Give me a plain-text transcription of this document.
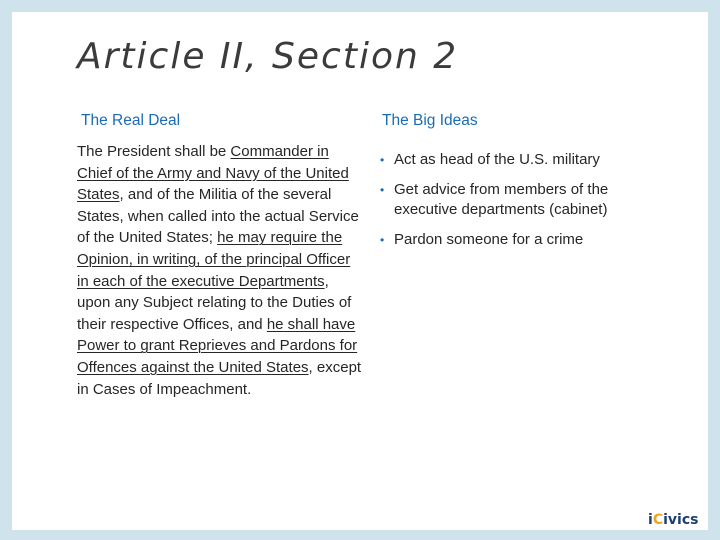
Article II, Section 2
The Real Deal
The President shall be Commander in Chief of the Army and Navy of the United States, and of the Militia of the several States, when called into the actual Service of the United States; he may require the Opinion, in writing, of the principal Officer in each of the executive Departments, upon any Subject relating to the Duties of their respective Offices, and he shall have Power to grant Reprieves and Pardons for Offences against the United States, except in Cases of Impeachment.
The Big Ideas
• Act as head of the U.S. military
• Get advice from members of the executive departments (cabinet)
• Pardon someone for a crime
iCivics
